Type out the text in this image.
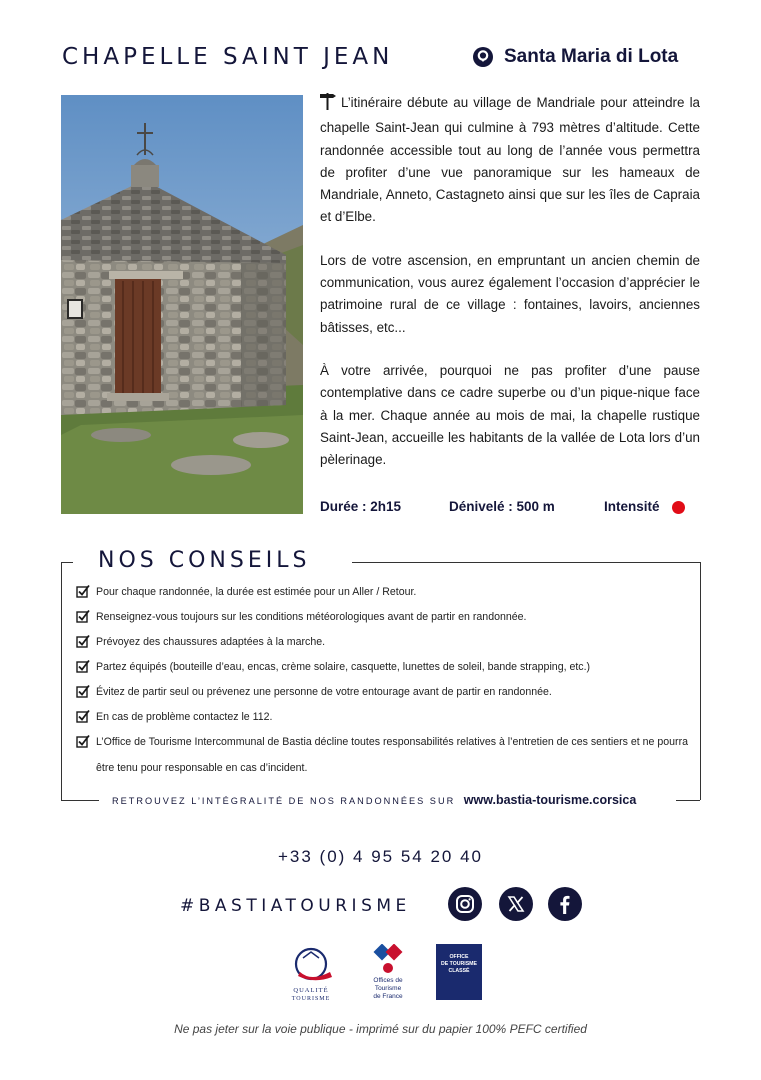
CHAPELLE SAINT JEAN	Santa Maria di Lota

L’itinéraire débute au village de Mandriale pour atteindre la chapelle Saint-Jean qui culmine à 793 mètres d’altitude. Cette randonnée accessible tout au long de l’année vous permettra de profiter d’une vue panoramique sur les hameaux de Mandriale, Anneto, Castagneto ainsi que sur les îles de Capraia et d’Elbe.

Lors de votre ascension, en empruntant un ancien chemin de communication, vous aurez également l’occasion d’apprécier le patrimoine rural de ce village : fontaines, lavoirs, anciennes bâtisses, etc...

À votre arrivée, pourquoi ne pas profiter d’une pause contemplative dans ce cadre superbe ou d’un pique-nique face à la mer. Chaque année au mois de mai, la chapelle rustique Saint-Jean, accueille les habitants de la vallée de Lota lors d’un pèlerinage.

Durée : 2h15	Dénivelé : 500 m	Intensité
NOS CONSEILS
Pour chaque randonnée, la durée est estimée pour un Aller / Retour.
Renseignez-vous toujours sur les conditions météorologiques avant de partir en randonnée.
Prévoyez des chaussures adaptées à la marche.
Partez équipés (bouteille d’eau, encas, crème solaire, casquette, lunettes de soleil, bande strapping, etc.)
Évitez de partir seul ou prévenez une personne de votre entourage avant de partir en randonnée.
En cas de problème contactez le 112.
L’Office de Tourisme Intercommunal de Bastia décline toutes responsabilités relatives à l’entretien de ces sentiers et ne pourra être tenu pour responsable en cas d’incident.
RETROUVEZ L’INTÉGRALITÉ DE NOS RANDONNÉES SUR www.bastia-tourisme.corsica
+33 (0) 4 95 54 20 40
#BASTIATOURISME
QUALITÉ
TOURISME
Offices de
Tourisme
de France
OFFICE
DE TOURISME
CLASSÉ
Ne pas jeter sur la voie publique - imprimé sur du papier 100% PEFC certified
